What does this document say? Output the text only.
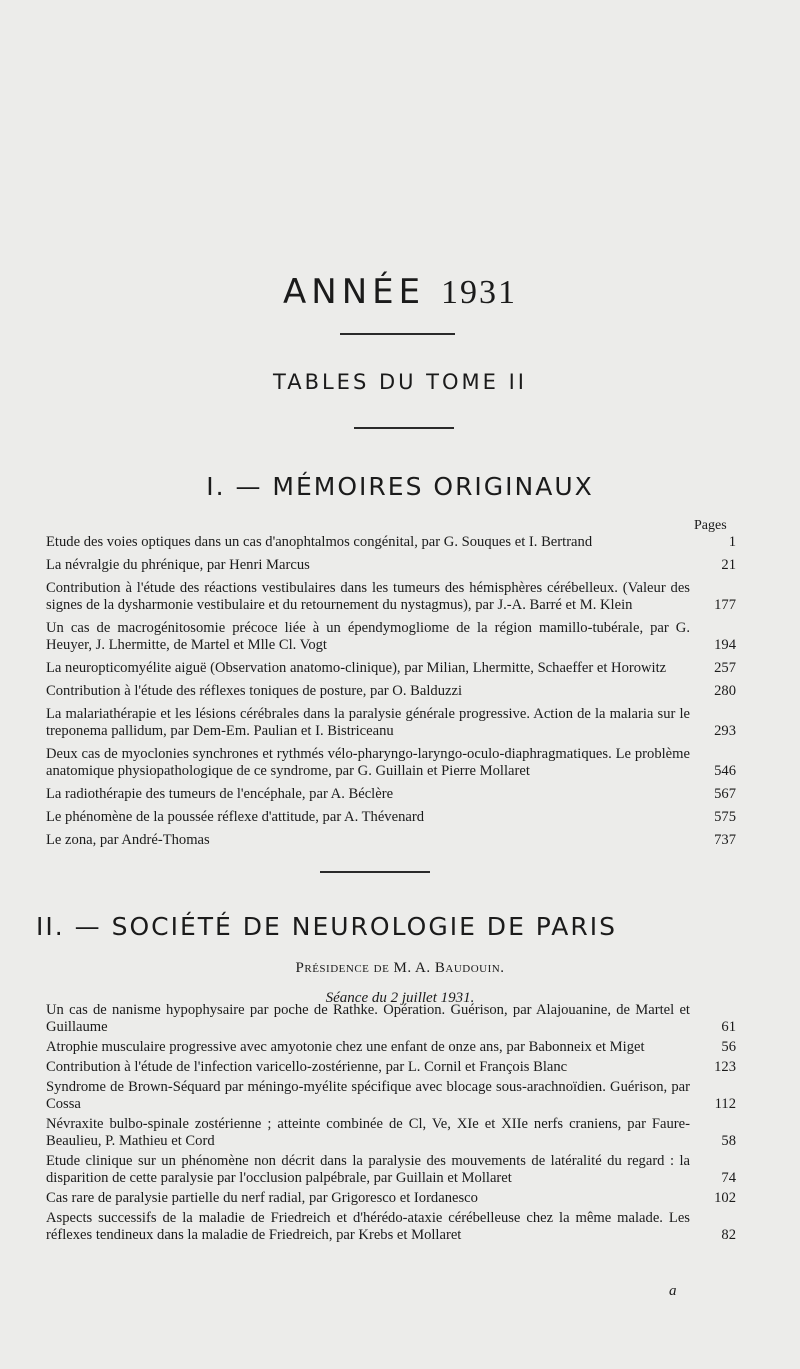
ANNÉE 1931
TABLES DU TOME II
I. — MÉMOIRES ORIGINAUX
Pages
Etude des voies optiques dans un cas d'anophtalmos congénital, par G. Souques et I. Bertrand	1
La névralgie du phrénique, par Henri Marcus	21
Contribution à l'étude des réactions vestibulaires dans les tumeurs des hémisphères cérébelleux. (Valeur des signes de la dysharmonie vestibulaire et du retournement du nystagmus), par J.-A. Barré et M. Klein	177
Un cas de macrogénitosomie précoce liée à un épendymogliome de la région mamillo-tubérale, par G. Heuyer, J. Lhermitte, de Martel et Mlle Cl. Vogt	194
La neuropticomyélite aiguë (Observation anatomo-clinique), par Milian, Lhermitte, Schaeffer et Horowitz	257
Contribution à l'étude des réflexes toniques de posture, par O. Balduzzi	280
La malariathérapie et les lésions cérébrales dans la paralysie générale progressive. Action de la malaria sur le treponema pallidum, par Dem-Em. Paulian et I. Bistriceanu	293
Deux cas de myoclonies synchrones et rythmés vélo-pharyngo-laryngo-oculo-diaphragmatiques. Le problème anatomique physiopathologique de ce syndrome, par G. Guillain et Pierre Mollaret	546
La radiothérapie des tumeurs de l'encéphale, par A. Béclère	567
Le phénomène de la poussée réflexe d'attitude, par A. Thévenard	575
Le zona, par André-Thomas	737
II. — SOCIÉTÉ DE NEUROLOGIE DE PARIS
Présidence de M. A. Baudouin.
Séance du 2 juillet 1931.
Un cas de nanisme hypophysaire par poche de Rathke. Opération. Guérison, par Alajouanine, de Martel et Guillaume	61
Atrophie musculaire progressive avec amyotonie chez une enfant de onze ans, par Babonneix et Miget	56
Contribution à l'étude de l'infection varicello-zostérienne, par L. Cornil et François Blanc	123
Syndrome de Brown-Séquard par méningo-myélite spécifique avec blocage sous-arachnoïdien. Guérison, par Cossa	112
Névraxite bulbo-spinale zostérienne ; atteinte combinée de Cl, Ve, XIe et XIIe nerfs craniens, par Faure-Beaulieu, P. Mathieu et Cord	58
Etude clinique sur un phénomène non décrit dans la paralysie des mouvements de latéralité du regard : la disparition de cette paralysie par l'occlusion palpébrale, par Guillain et Mollaret	74
Cas rare de paralysie partielle du nerf radial, par Grigoresco et Iordanesco	102
Aspects successifs de la maladie de Friedreich et d'hérédo-ataxie cérébelleuse chez la même malade. Les réflexes tendineux dans la maladie de Friedreich, par Krebs et Mollaret	82
a
